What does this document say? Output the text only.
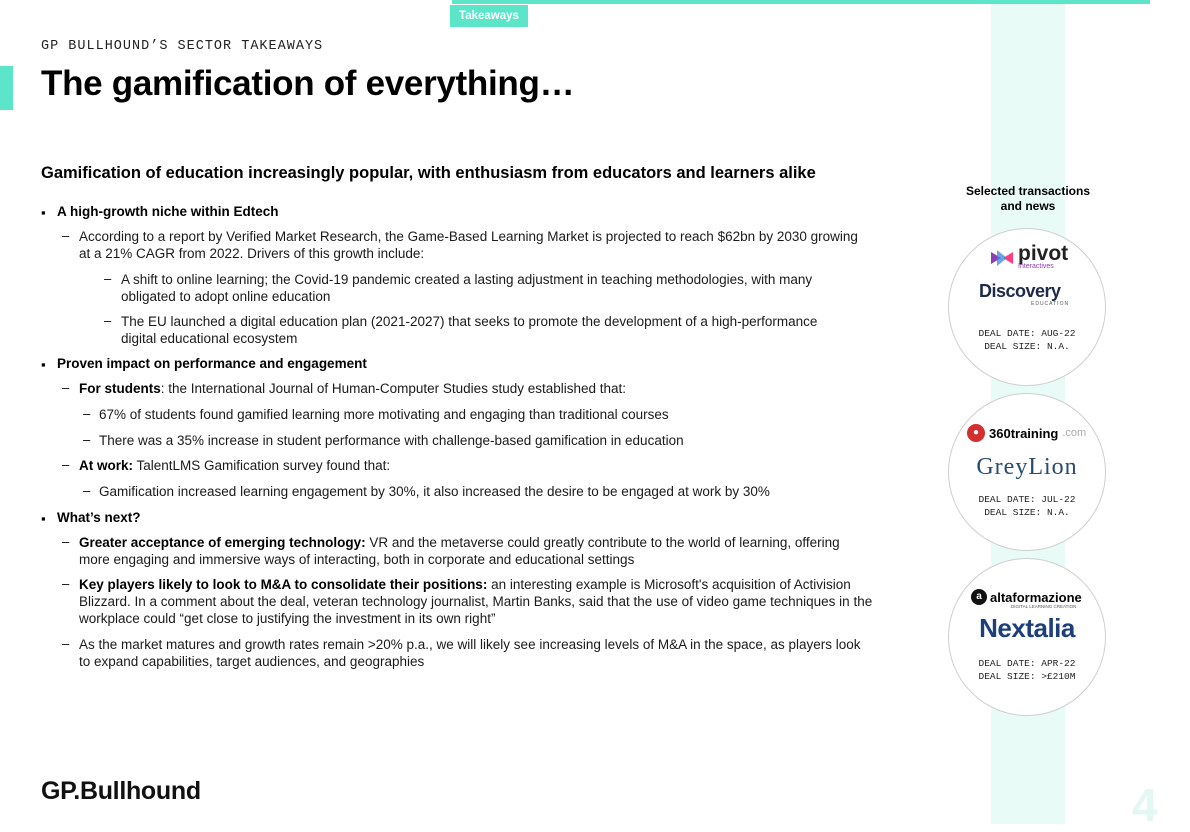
Takeaways
GP BULLHOUND’S SECTOR TAKEAWAYS
The gamification of everything…
Gamification of education increasingly popular, with enthusiasm from educators and learners alike
▪ A high-growth niche within Edtech
– According to a report by Verified Market Research, the Game-Based Learning Market is projected to reach $62bn by 2030 growing at a 21% CAGR from 2022. Drivers of this growth include:
– A shift to online learning; the Covid-19 pandemic created a lasting adjustment in teaching methodologies, with many obligated to adopt online education
– The EU launched a digital education plan (2021-2027) that seeks to promote the development of a high-performance digital educational ecosystem
▪ Proven impact on performance and engagement
– For students: the International Journal of Human-Computer Studies study established that:
– 67% of students found gamified learning more motivating and engaging than traditional courses
– There was a 35% increase in student performance with challenge-based gamification in education
– At work: TalentLMS Gamification survey found that:
– Gamification increased learning engagement by 30%, it also increased the desire to be engaged at work by 30%
▪ What’s next?
– Greater acceptance of emerging technology: VR and the metaverse could greatly contribute to the world of learning, offering more engaging and immersive ways of interacting, both in corporate and educational settings
– Key players likely to look to M&A to consolidate their positions: an interesting example is Microsoft's acquisition of Activision Blizzard. In a comment about the deal, veteran technology journalist, Martin Banks, said that the use of video game techniques in the workplace could “get close to justifying the investment in its own right”
– As the market matures and growth rates remain >20% p.a., we will likely see increasing levels of M&A in the space, as players look to expand capabilities, target audiences, and geographies
Selected transactions
and news
pivot
Interactives
Discovery
EDUCATION
DEAL DATE: AUG-22
DEAL SIZE: N.A.
● 360training .com
GreyLion
DEAL DATE: JUL-22
DEAL SIZE: N.A.
a altaformazione
DIGITAL LEARNING CREATION
Nextalia
DEAL DATE: APR-22
DEAL SIZE: >£210M
GP.Bullhound	4
